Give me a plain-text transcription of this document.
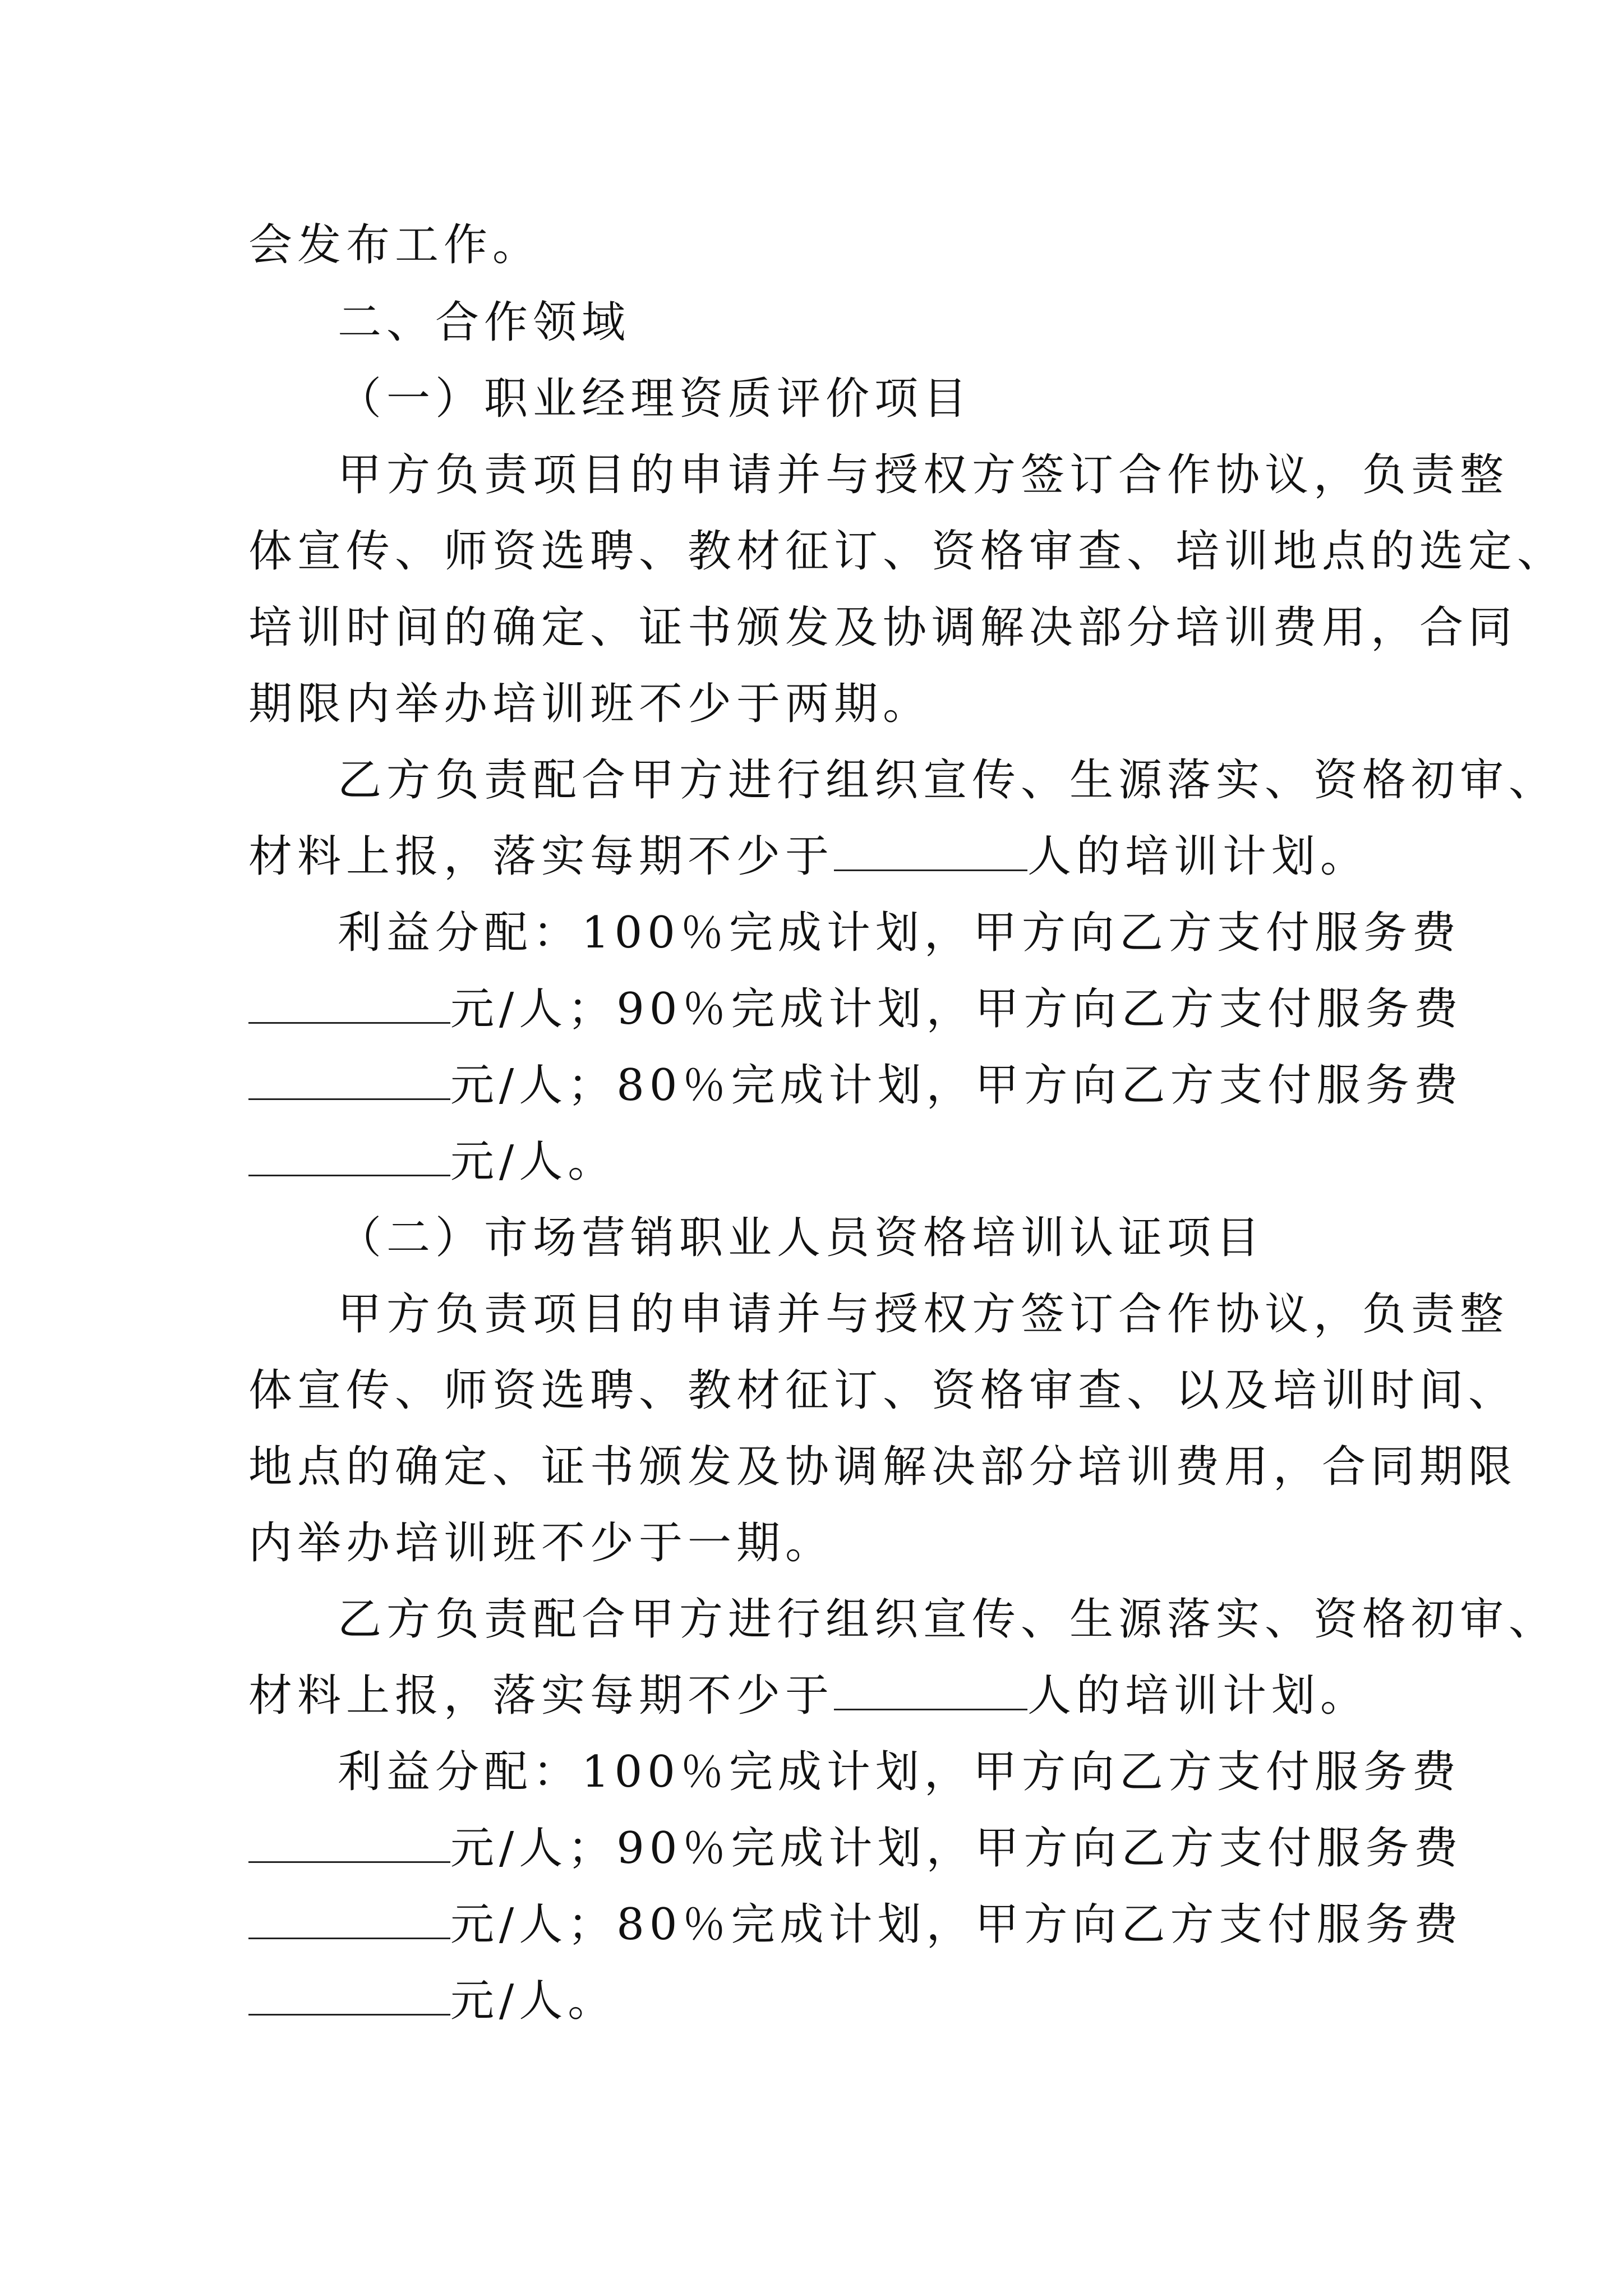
会发布工作。
二、合作领域
（一）职业经理资质评价项目
甲方负责项目的申请并与授权方签订合作协议，负责整
体宣传、师资选聘、教材征订、资格审查、培训地点的选定、
培训时间的确定、证书颁发及协调解决部分培训费用，合同
期限内举办培训班不少于两期。
乙方负责配合甲方进行组织宣传、生源落实、资格初审、
材料上报，落实每期不少于	人的培训计划。
利益分配：100％完成计划，甲方向乙方支付服务费
元/人；90％完成计划，甲方向乙方支付服务费
元/人；80％完成计划，甲方向乙方支付服务费
元/人。
（二）市场营销职业人员资格培训认证项目
甲方负责项目的申请并与授权方签订合作协议，负责整
体宣传、师资选聘、教材征订、资格审查、以及培训时间、
地点的确定、证书颁发及协调解决部分培训费用，合同期限
内举办培训班不少于一期。
乙方负责配合甲方进行组织宣传、生源落实、资格初审、
材料上报，落实每期不少于	人的培训计划。
利益分配：100％完成计划，甲方向乙方支付服务费
元/人；90％完成计划，甲方向乙方支付服务费
元/人；80％完成计划，甲方向乙方支付服务费
元/人。
